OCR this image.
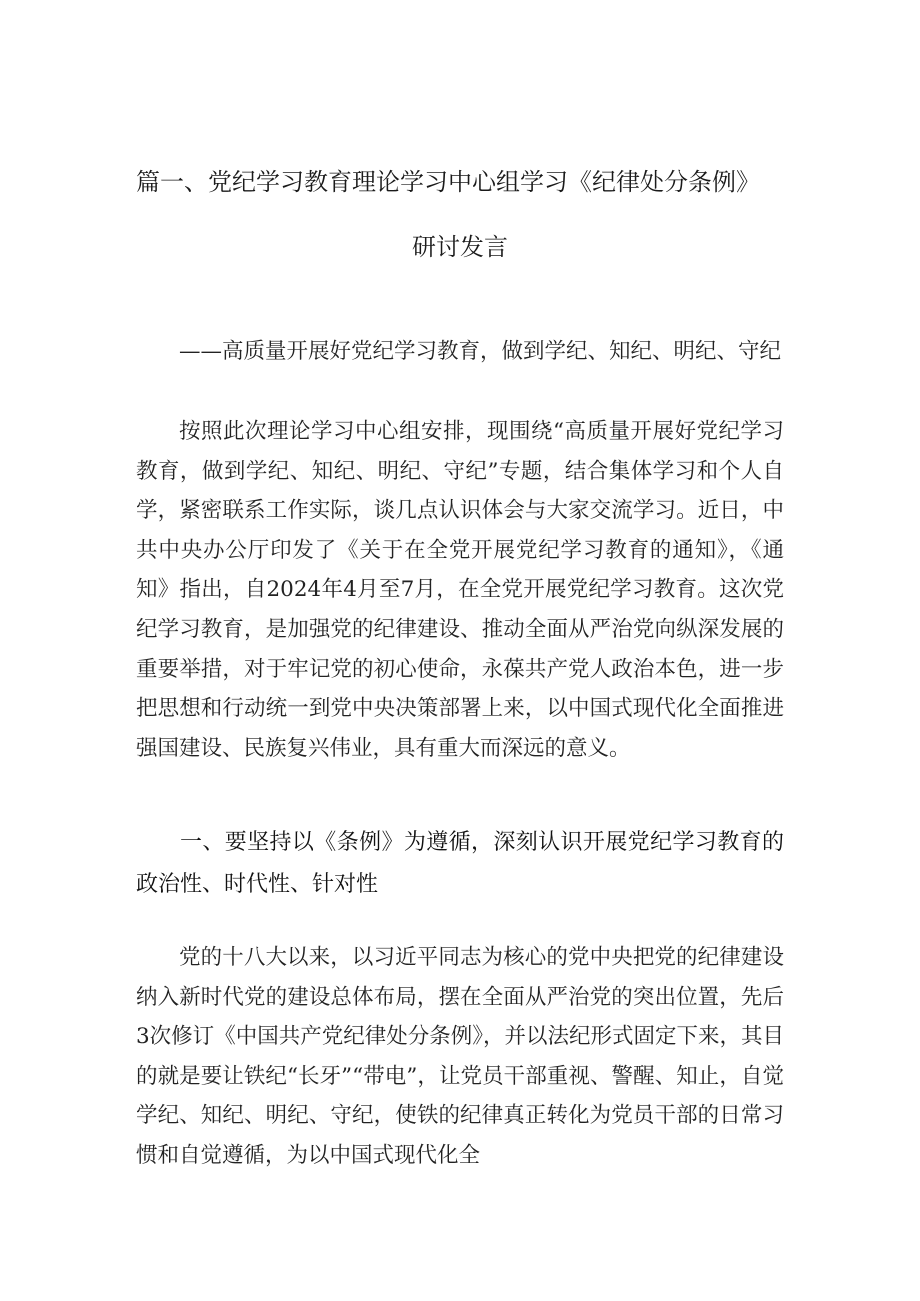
篇一、党纪学习教育理论学习中心组学习《纪律处分条例》
研讨发言

——高质量开展好党纪学习教育，做到学纪、知纪、明纪、守纪

按照此次理论学习中心组安排，现围绕“高质量开展好党纪学习教育，做到学纪、知纪、明纪、守纪”专题，结合集体学习和个人自学，紧密联系工作实际，谈几点认识体会与大家交流学习。近日，中共中央办公厅印发了《关于在全党开展党纪学习教育的通知》，《通知》指出，自2024年4月至7月，在全党开展党纪学习教育。这次党纪学习教育，是加强党的纪律建设、推动全面从严治党向纵深发展的重要举措，对于牢记党的初心使命，永葆共产党人政治本色，进一步把思想和行动统一到党中央决策部署上来，以中国式现代化全面推进强国建设、民族复兴伟业，具有重大而深远的意义。

一、要坚持以《条例》为遵循，深刻认识开展党纪学习教育的政治性、时代性、针对性

党的十八大以来，以习近平同志为核心的党中央把党的纪律建设纳入新时代党的建设总体布局，摆在全面从严治党的突出位置，先后3次修订《中国共产党纪律处分条例》，并以法纪形式固定下来，其目的就是要让铁纪“长牙”“带电”，让党员干部重视、警醒、知止，自觉学纪、知纪、明纪、守纪，使铁的纪律真正转化为党员干部的日常习惯和自觉遵循，为以中国式现代化全
